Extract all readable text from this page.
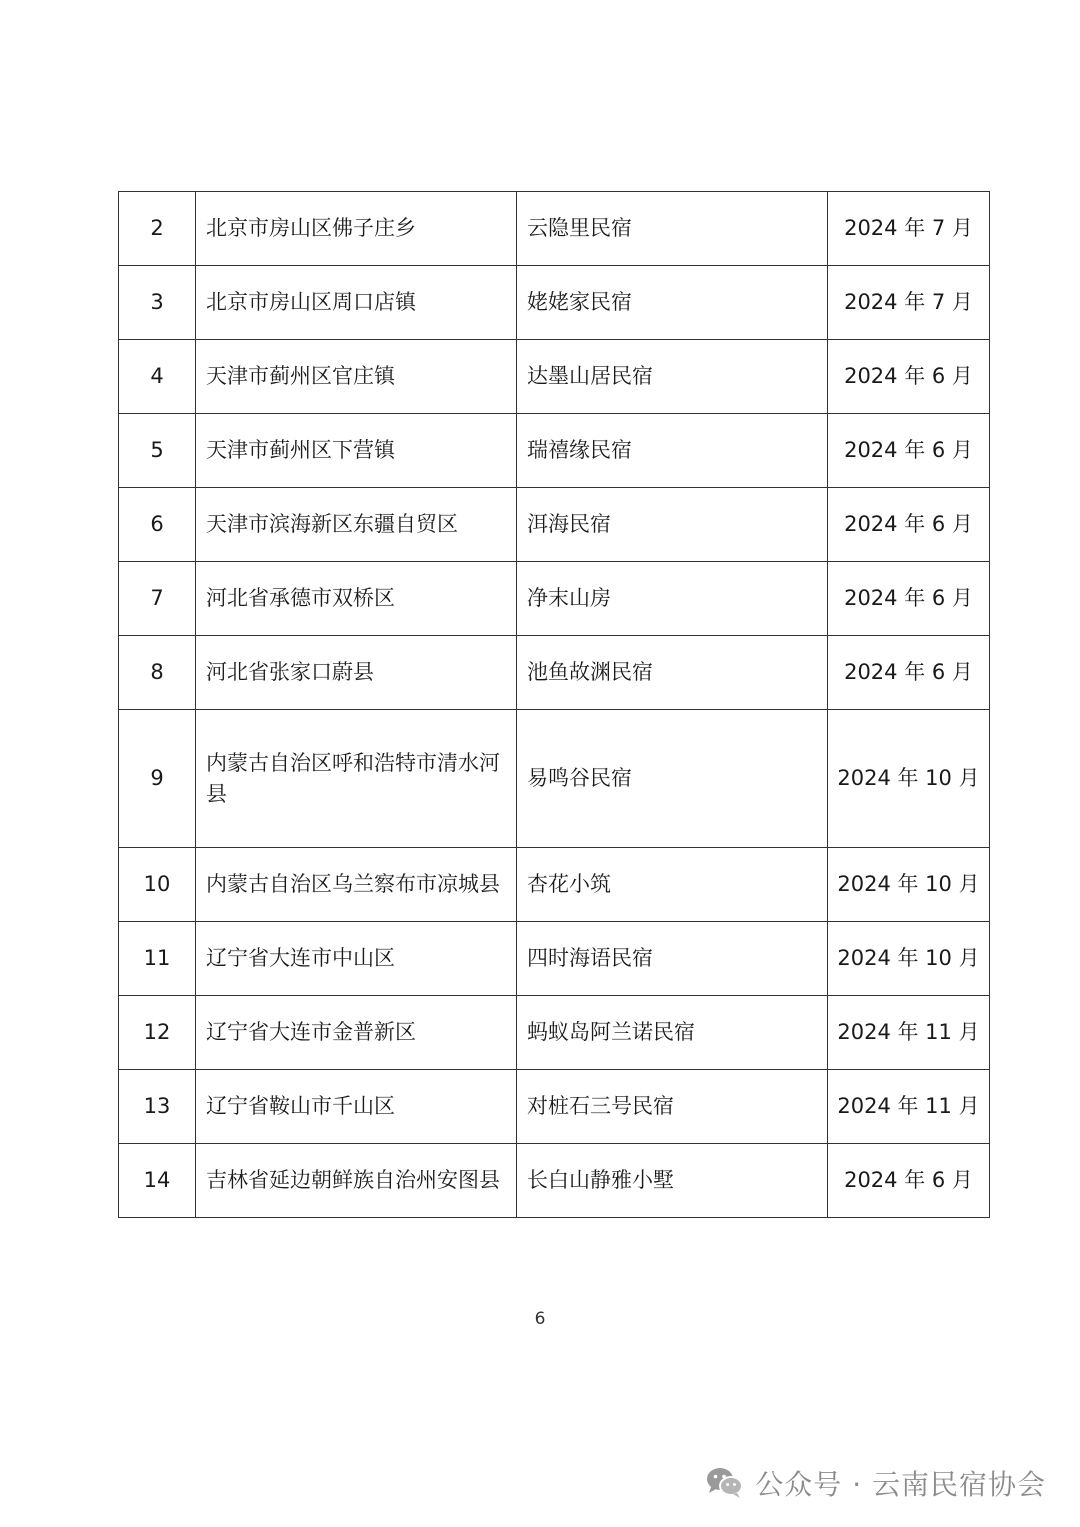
2	北京市房山区佛子庄乡	云隐里民宿	2024 年 7 月
3	北京市房山区周口店镇	姥姥家民宿	2024 年 7 月
4	天津市蓟州区官庄镇	达墨山居民宿	2024 年 6 月
5	天津市蓟州区下营镇	瑞禧缘民宿	2024 年 6 月
6	天津市滨海新区东疆自贸区	洱海民宿	2024 年 6 月
7	河北省承德市双桥区	净末山房	2024 年 6 月
8	河北省张家口蔚县	池鱼故渊民宿	2024 年 6 月
9	内蒙古自治区呼和浩特市清水河县	易鸣谷民宿	2024 年 10 月
10	内蒙古自治区乌兰察布市凉城县	杏花小筑	2024 年 10 月
11	辽宁省大连市中山区	四时海语民宿	2024 年 10 月
12	辽宁省大连市金普新区	蚂蚁岛阿兰诺民宿	2024 年 11 月
13	辽宁省鞍山市千山区	对桩石三号民宿	2024 年 11 月
14	吉林省延边朝鲜族自治州安图县	长白山静雅小墅	2024 年 6 月
6
公众号 · 云南民宿协会
